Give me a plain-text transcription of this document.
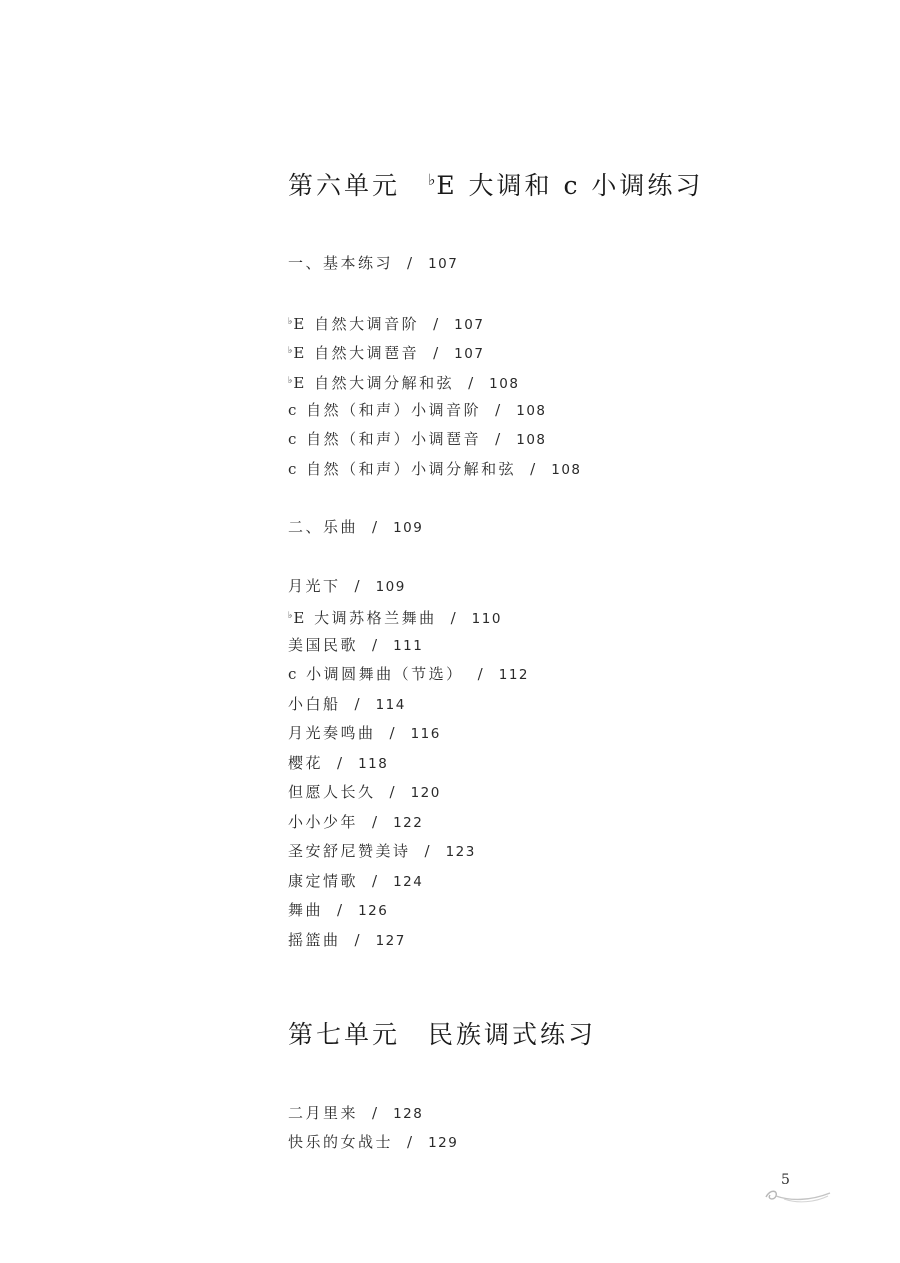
第六单元 ♭E 大调和 c 小调练习
一、基本练习 / 107
♭E 自然大调音阶 / 107
♭E 自然大调琶音 / 107
♭E 自然大调分解和弦 / 108
c 自然（和声）小调音阶 / 108
c 自然（和声）小调琶音 / 108
c 自然（和声）小调分解和弦 / 108
二、乐曲 / 109
月光下 / 109
♭E 大调苏格兰舞曲 / 110
美国民歌 / 111
c 小调圆舞曲（节选） / 112
小白船 / 114
月光奏鸣曲 / 116
樱花 / 118
但愿人长久 / 120
小小少年 / 122
圣安舒尼赞美诗 / 123
康定情歌 / 124
舞曲 / 126
摇篮曲 / 127
第七单元 民族调式练习
二月里来 / 128
快乐的女战士 / 129
5
